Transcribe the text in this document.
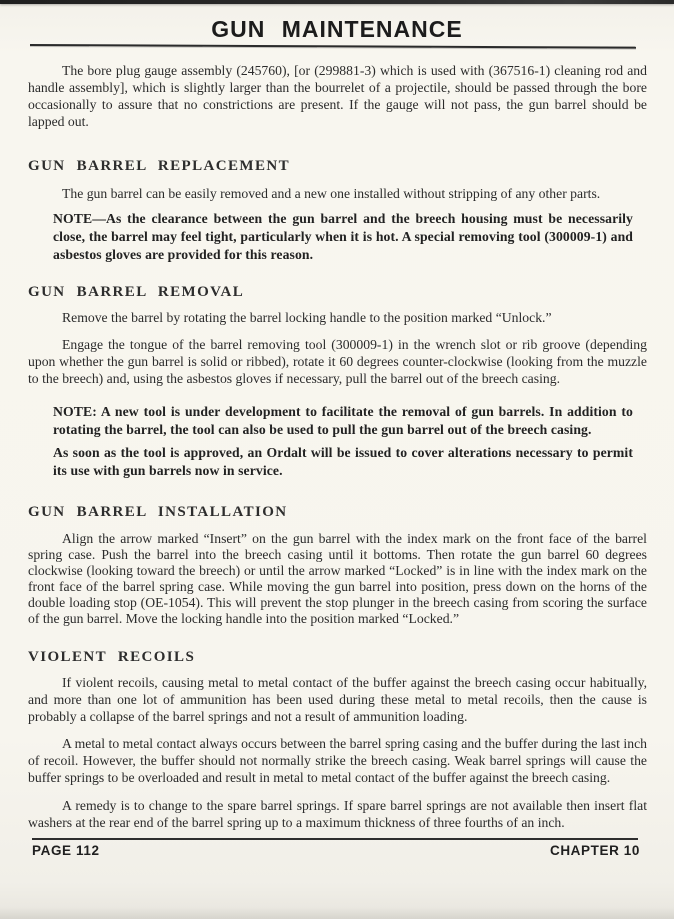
GUN MAINTENANCE

The bore plug gauge assembly (245760), [or (299881-3) which is used with (367516-1) cleaning rod and handle assembly], which is slightly larger than the bourrelet of a projectile, should be passed through the bore occasionally to assure that no constrictions are present. If the gauge will not pass, the gun barrel should be lapped out.

GUN BARREL REPLACEMENT

The gun barrel can be easily removed and a new one installed without stripping of any other parts.

NOTE—As the clearance between the gun barrel and the breech housing must be necessarily close, the barrel may feel tight, particularly when it is hot. A special removing tool (300009-1) and asbestos gloves are provided for this reason.

GUN BARREL REMOVAL

Remove the barrel by rotating the barrel locking handle to the position marked “Unlock.”

Engage the tongue of the barrel removing tool (300009-1) in the wrench slot or rib groove (depending upon whether the gun barrel is solid or ribbed), rotate it 60 degrees counter-clockwise (looking from the muzzle to the breech) and, using the asbestos gloves if necessary, pull the barrel out of the breech casing.

NOTE: A new tool is under development to facilitate the removal of gun barrels. In addition to rotating the barrel, the tool can also be used to pull the gun barrel out of the breech casing.

As soon as the tool is approved, an Ordalt will be issued to cover alterations necessary to permit its use with gun barrels now in service.

GUN BARREL INSTALLATION

Align the arrow marked “Insert” on the gun barrel with the index mark on the front face of the barrel spring case. Push the barrel into the breech casing until it bottoms. Then rotate the gun barrel 60 degrees clockwise (looking toward the breech) or until the arrow marked “Locked” is in line with the index mark on the front face of the barrel spring case. While moving the gun barrel into position, press down on the horns of the double loading stop (OE-1054). This will prevent the stop plunger in the breech casing from scoring the surface of the gun barrel. Move the locking handle into the position marked “Locked.”

VIOLENT RECOILS

If violent recoils, causing metal to metal contact of the buffer against the breech casing occur habitually, and more than one lot of ammunition has been used during these metal to metal recoils, then the cause is probably a collapse of the barrel springs and not a result of ammunition loading.

A metal to metal contact always occurs between the barrel spring casing and the buffer during the last inch of recoil. However, the buffer should not normally strike the breech casing. Weak barrel springs will cause the buffer springs to be overloaded and result in metal to metal contact of the buffer against the breech casing.

A remedy is to change to the spare barrel springs. If spare barrel springs are not available then insert flat washers at the rear end of the barrel spring up to a maximum thickness of three fourths of an inch.

PAGE 112	CHAPTER 10
